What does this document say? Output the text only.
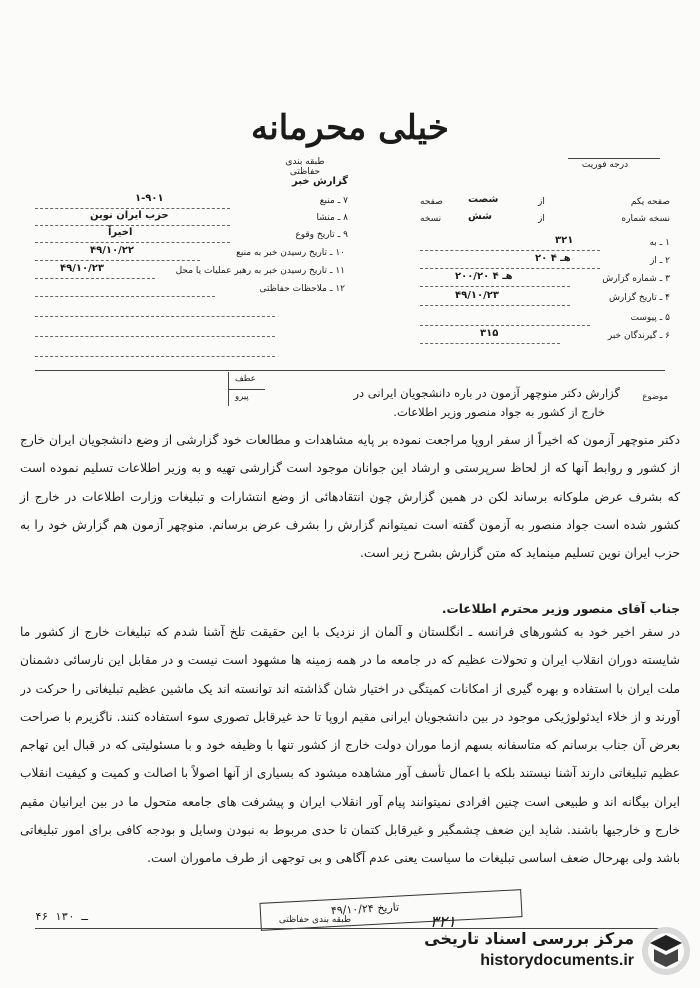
خیلی محرمانه
طبقه بندی حفاظتی
گزارش خبر
درجه فوریت
۷ ـ منبع
۱-۹۰۱
۸ ـ منشا
حزب ایران نوین
۹ ـ تاریخ وقوع
اخیراً
۱۰ ـ تاریخ رسیدن خبر به منبع
۴۹/۱۰/۲۲
۱۱ ـ تاریخ رسیدن خبر به رهبر عملیات یا محل
۴۹/۱۰/۲۳
۱۲ ـ ملاحظات حفاظتی
صفحه یکم
از
شصت
صفحه
نسخه شماره
از
شش
نسخه
۱ ـ به
۳۲۱
۲ ـ از
۲۰ هـ ۴
۳ ـ شماره گزارش
۲۰۰/۲۰ هـ ۴
۴ ـ تاریخ گزارش
۴۹/۱۰/۲۳
۵ ـ پیوست
۶ ـ گیرندگان خبر
۳۱۵
عطف
پیرو	موضوع
گزارش دکتر منوچهر آزمون در باره دانشجویان ایرانی در
خارج از کشور به جواد منصور وزیر اطلاعات.
دکتر منوچهر آزمون که اخیراً از سفر اروپا مراجعت نموده بر پایه مشاهدات و مطالعات خود گزارشی از وضع دانشجویان ایران خارج از کشور و روابط آنها که از لحاظ سرپرستی و ارشاد این جوانان موجود است گزارشی تهیه و به وزیر اطلاعات تسلیم نموده است که بشرف عرض ملوکانه برساند لکن در همین گزارش چون انتقادهائی از وضع انتشارات و تبلیغات وزارت اطلاعات در خارج از کشور شده است جواد منصور به آزمون گفته است نمیتوانم گزارش را بشرف عرض برسانم. منوچهر آزمون هم گزارش خود را به حزب ایران نوین تسلیم مینماید که متن گزارش بشرح زیر است.
جناب آقای منصور وزیر محترم اطلاعات.
در سفر اخیر خود به کشورهای فرانسه ـ انگلستان و آلمان از نزدیک با این حقیقت تلخ آشنا شدم که تبلیغات خارج از کشور ما شایسته دوران انقلاب ایران و تحولات عظیم که در جامعه ما در همه زمینه ها مشهود است نیست و در مقابل این نارسائی دشمنان ملت ایران با استفاده و بهره گیری از امکانات کمیتگی در اختیار شان گذاشته اند توانسته اند یک ماشین عظیم تبلیغاتی را حرکت در آورند و از خلاء ایدئولوژیکی موجود در بین دانشجویان ایرانی مقیم اروپا تا حد غیرقابل تصوری سوء استفاده کنند. ناگزیرم با صراحت بعرض آن جناب برسانم که متاسفانه بسهم ازما موران دولت خارج از کشور تنها با وظیفه خود و با مسئولیتی که در قبال این تهاجم عظیم تبلیغاتی دارند آشنا نیستند بلکه با اعمال تأسف آور مشاهده میشود که بسیاری از آنها اصولاً با اصالت و کمیت و کیفیت انقلاب ایران بیگانه اند و طبیعی است چنین افرادی نمیتوانند پیام آور انقلاب ایران و پیشرفت های جامعه متحول ما در بین ایرانیان مقیم خارج و خارجیها باشند. شاید این ضعف چشمگیر و غیرقابل کتمان تا حدی مربوط به نبودن وسایل و بودجه کافی برای امور تبلیغاتی باشد ولی بهرحال ضعف اساسی تبلیغات ما سیاست یعنی عدم آگاهی و بی توجهی از طرف ماموران است.
تاریخ ۴۹/۱۰/۲۴
۳۲۱
طبقه بندی حفاظتی
۴۶ ـ ۱۳۰
مرکز بررسی اسناد تاریخی
historydocuments.ir
